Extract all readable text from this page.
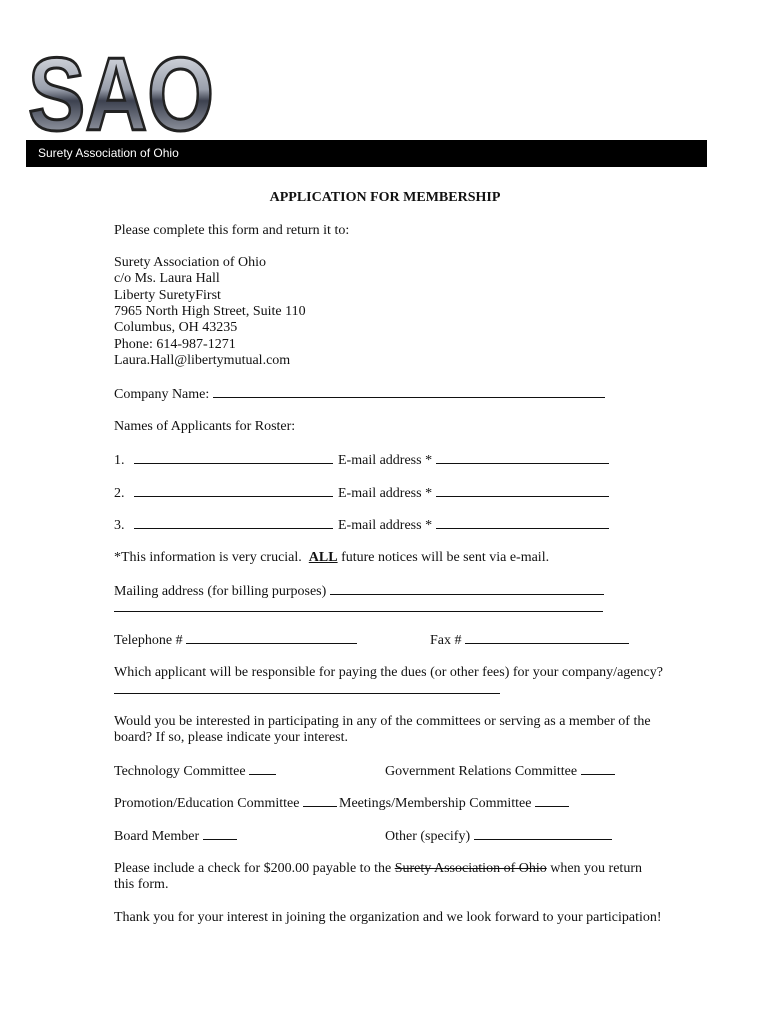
SAO
Surety Association of Ohio
APPLICATION FOR MEMBERSHIP
Please complete this form and return it to:
Surety Association of Ohio
c/o Ms. Laura Hall
Liberty SuretyFirst
7965 North High Street, Suite 110
Columbus, OH 43235
Phone: 614-987-1271
Laura.Hall@libertymutual.com
Company Name:
Names of Applicants for Roster:
1.	E-mail address *
2.	E-mail address *
3.	E-mail address *
*This information is very crucial.  ALL future notices will be sent via e-mail.
Mailing address (for billing purposes)
Telephone #	Fax #
Which applicant will be responsible for paying the dues (or other fees) for your company/agency?
Would you be interested in participating in any of the committees or serving as a member of the
board? If so, please indicate your interest.
Technology Committee	Government Relations Committee
Promotion/Education Committee	Meetings/Membership Committee
Board Member	Other (specify)
Please include a check for $200.00 payable to the Surety Association of Ohio when you return
this form.
Thank you for your interest in joining the organization and we look forward to your participation!
